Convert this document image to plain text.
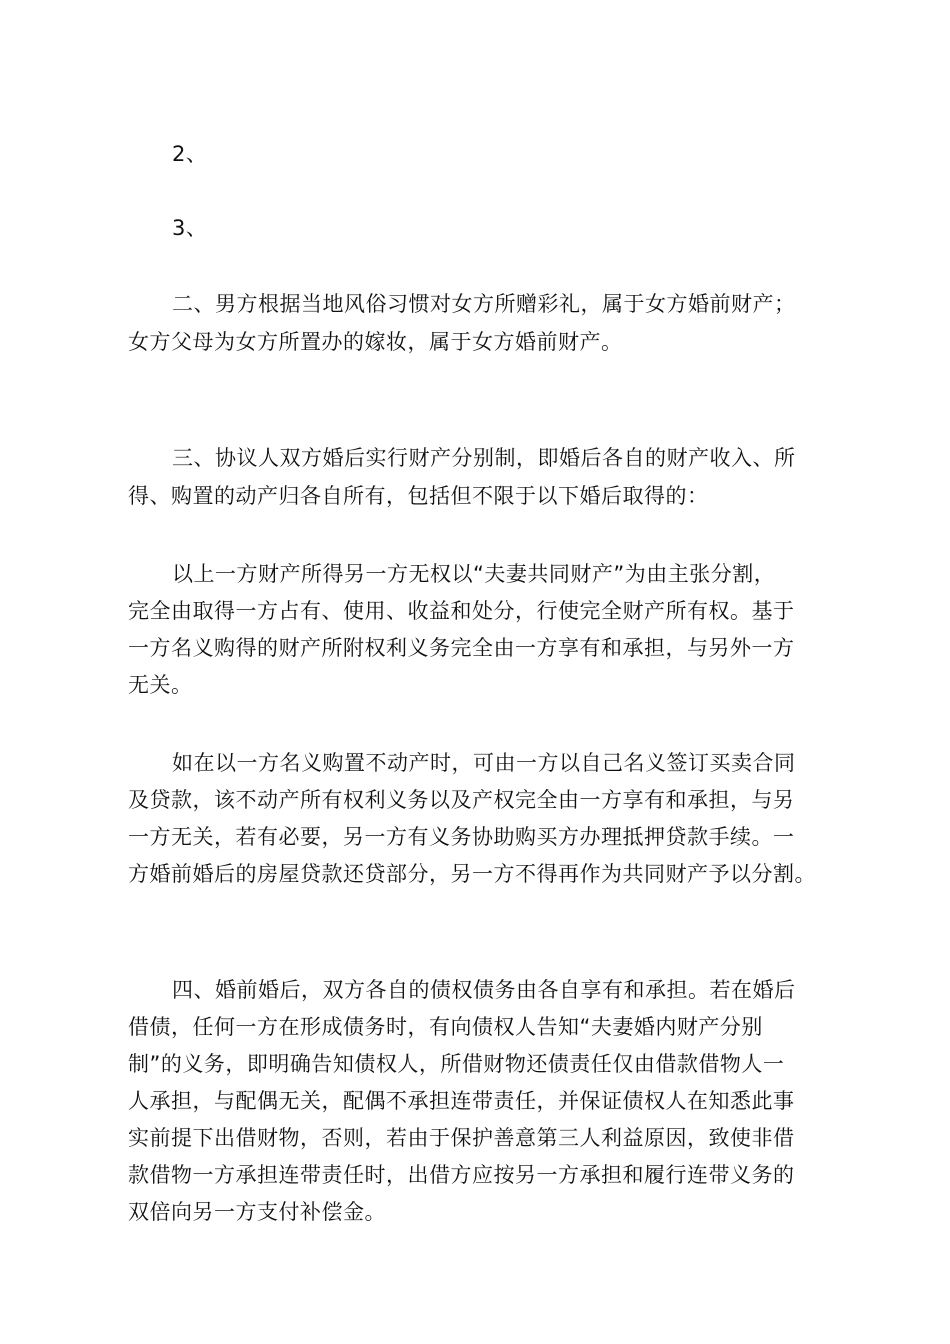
2、
3、
二、男方根据当地风俗习惯对女方所赠彩礼，属于女方婚前财产；
女方父母为女方所置办的嫁妆，属于女方婚前财产。
三、协议人双方婚后实行财产分别制，即婚后各自的财产收入、所
得、购置的动产归各自所有，包括但不限于以下婚后取得的：
以上一方财产所得另一方无权以“夫妻共同财产”为由主张分割，
完全由取得一方占有、使用、收益和处分，行使完全财产所有权。基于
一方名义购得的财产所附权利义务完全由一方享有和承担，与另外一方
无关。
如在以一方名义购置不动产时，可由一方以自己名义签订买卖合同
及贷款，该不动产所有权利义务以及产权完全由一方享有和承担，与另
一方无关，若有必要，另一方有义务协助购买方办理抵押贷款手续。一
方婚前婚后的房屋贷款还贷部分，另一方不得再作为共同财产予以分割。
四、婚前婚后，双方各自的债权债务由各自享有和承担。若在婚后
借债，任何一方在形成债务时，有向债权人告知“夫妻婚内财产分别
制”的义务，即明确告知债权人，所借财物还债责任仅由借款借物人一
人承担，与配偶无关，配偶不承担连带责任，并保证债权人在知悉此事
实前提下出借财物，否则，若由于保护善意第三人利益原因，致使非借
款借物一方承担连带责任时，出借方应按另一方承担和履行连带义务的
双倍向另一方支付补偿金。
